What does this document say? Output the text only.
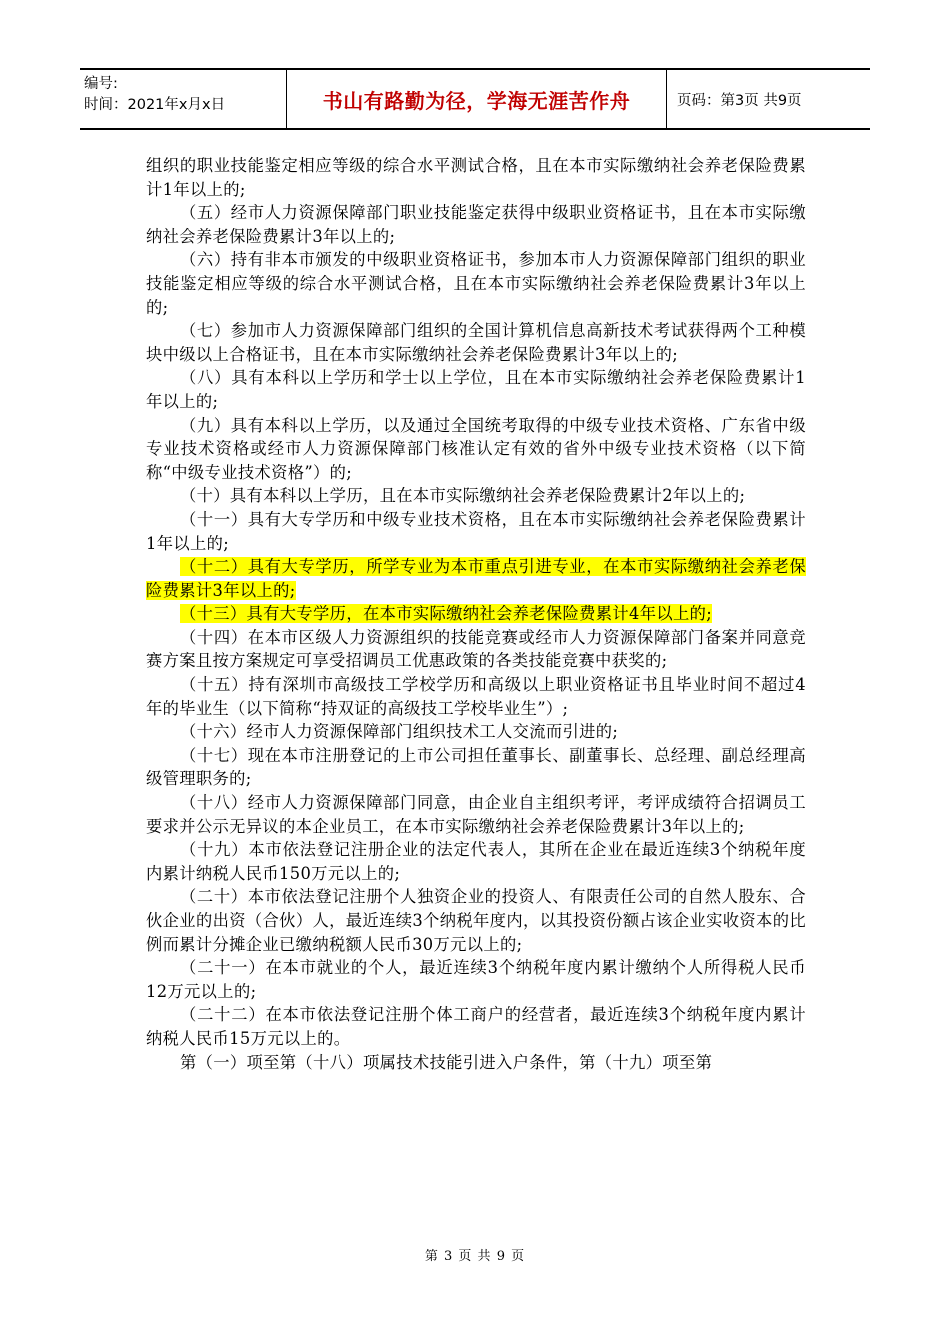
编号:
时间：2021年x月x日	书山有路勤为径，学海无涯苦作舟	页码：第3页 共9页

组织的职业技能鉴定相应等级的综合水平测试合格，且在本市实际缴纳社会养老保险费累计1年以上的;

（五）经市人力资源保障部门职业技能鉴定获得中级职业资格证书，且在本市实际缴纳社会养老保险费累计3年以上的;

（六）持有非本市颁发的中级职业资格证书，参加本市人力资源保障部门组织的职业技能鉴定相应等级的综合水平测试合格，且在本市实际缴纳社会养老保险费累计3年以上的;

（七）参加市人力资源保障部门组织的全国计算机信息高新技术考试获得两个工种模块中级以上合格证书，且在本市实际缴纳社会养老保险费累计3年以上的;

（八）具有本科以上学历和学士以上学位，且在本市实际缴纳社会养老保险费累计1年以上的;

（九）具有本科以上学历，以及通过全国统考取得的中级专业技术资格、广东省中级专业技术资格或经市人力资源保障部门核准认定有效的省外中级专业技术资格（以下简称“中级专业技术资格”）的;

（十）具有本科以上学历，且在本市实际缴纳社会养老保险费累计2年以上的;

（十一）具有大专学历和中级专业技术资格，且在本市实际缴纳社会养老保险费累计1年以上的;

（十二）具有大专学历，所学专业为本市重点引进专业，在本市实际缴纳社会养老保险费累计3年以上的;

（十三）具有大专学历，在本市实际缴纳社会养老保险费累计4年以上的;

（十四）在本市区级人力资源组织的技能竞赛或经市人力资源保障部门备案并同意竞赛方案且按方案规定可享受招调员工优惠政策的各类技能竞赛中获奖的;

（十五）持有深圳市高级技工学校学历和高级以上职业资格证书且毕业时间不超过4年的毕业生（以下简称“持双证的高级技工学校毕业生”）;

（十六）经市人力资源保障部门组织技术工人交流而引进的;

（十七）现在本市注册登记的上市公司担任董事长、副董事长、总经理、副总经理高级管理职务的;

（十八）经市人力资源保障部门同意，由企业自主组织考评，考评成绩符合招调员工要求并公示无异议的本企业员工，在本市实际缴纳社会养老保险费累计3年以上的;

（十九）本市依法登记注册企业的法定代表人，其所在企业在最近连续3个纳税年度内累计纳税人民币150万元以上的;

（二十）本市依法登记注册个人独资企业的投资人、有限责任公司的自然人股东、合伙企业的出资（合伙）人，最近连续3个纳税年度内，以其投资份额占该企业实收资本的比例而累计分摊企业已缴纳税额人民币30万元以上的;

（二十一）在本市就业的个人，最近连续3个纳税年度内累计缴纳个人所得税人民币12万元以上的;

（二十二）在本市依法登记注册个体工商户的经营者，最近连续3个纳税年度内累计纳税人民币15万元以上的。

第（一）项至第（十八）项属技术技能引进入户条件，第（十九）项至第

第 3 页 共 9 页
